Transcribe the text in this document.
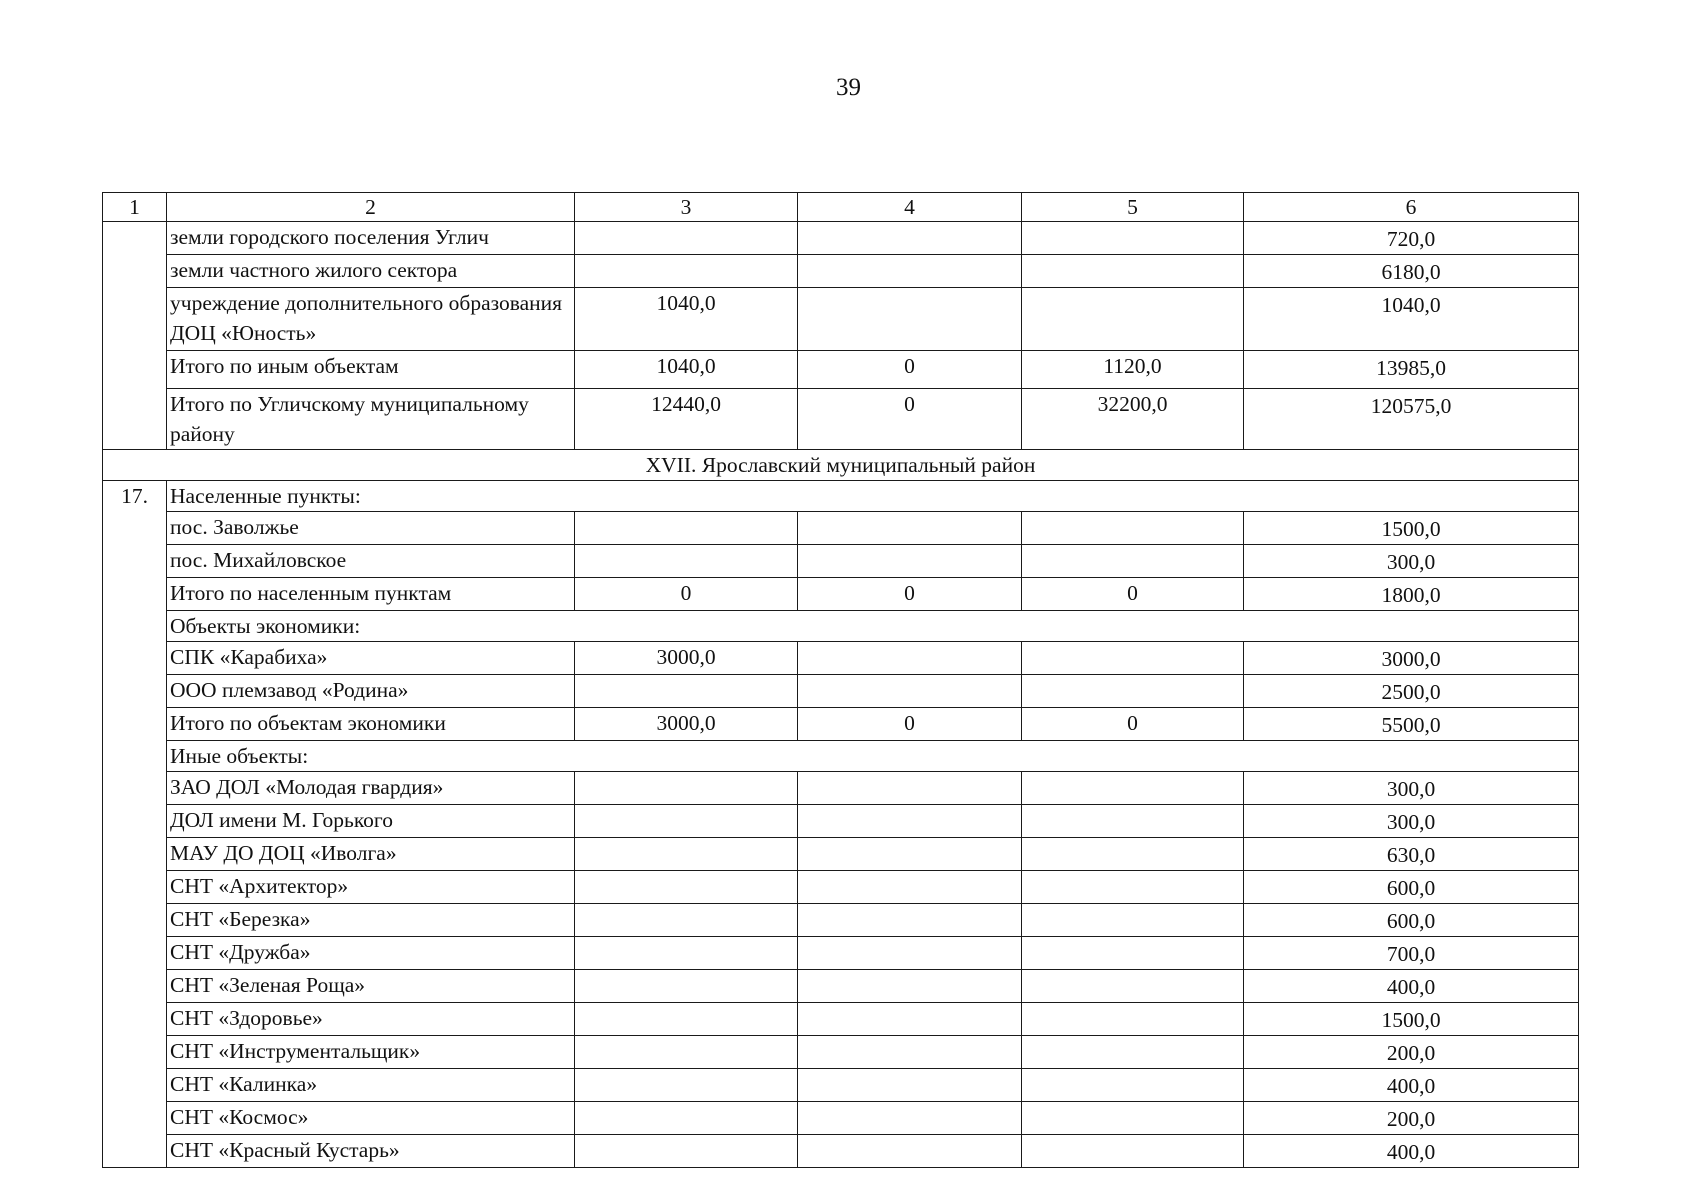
39
1	2	3	4	5	6
	земли городского поселения Углич				720,0
	земли частного жилого сектора				6180,0
	учреждение дополнительного образования ДОЦ «Юность»	1040,0			1040,0
	Итого по иным объектам	1040,0	0	1120,0	13985,0
	Итого по Угличскому муниципальному району	12440,0	0	32200,0	120575,0
XVII. Ярославский муниципальный район					
17.	Населенные пункты:				
	пос. Заволжье				1500,0
	пос. Михайловское				300,0
	Итого по населенным пунктам	0	0	0	1800,0
	Объекты экономики:				
	СПК «Карабиха»	3000,0			3000,0
	ООО племзавод «Родина»				2500,0
	Итого по объектам экономики	3000,0	0	0	5500,0
	Иные объекты:				
	ЗАО ДОЛ «Молодая гвардия»				300,0
	ДОЛ имени М. Горького				300,0
	МАУ ДО ДОЦ «Иволга»				630,0
	СНТ «Архитектор»				600,0
	СНТ «Березка»				600,0
	СНТ «Дружба»				700,0
	СНТ «Зеленая Роща»				400,0
	СНТ «Здоровье»				1500,0
	СНТ «Инструментальщик»				200,0
	СНТ «Калинка»				400,0
	СНТ «Космос»				200,0
	СНТ «Красный Кустарь»				400,0
